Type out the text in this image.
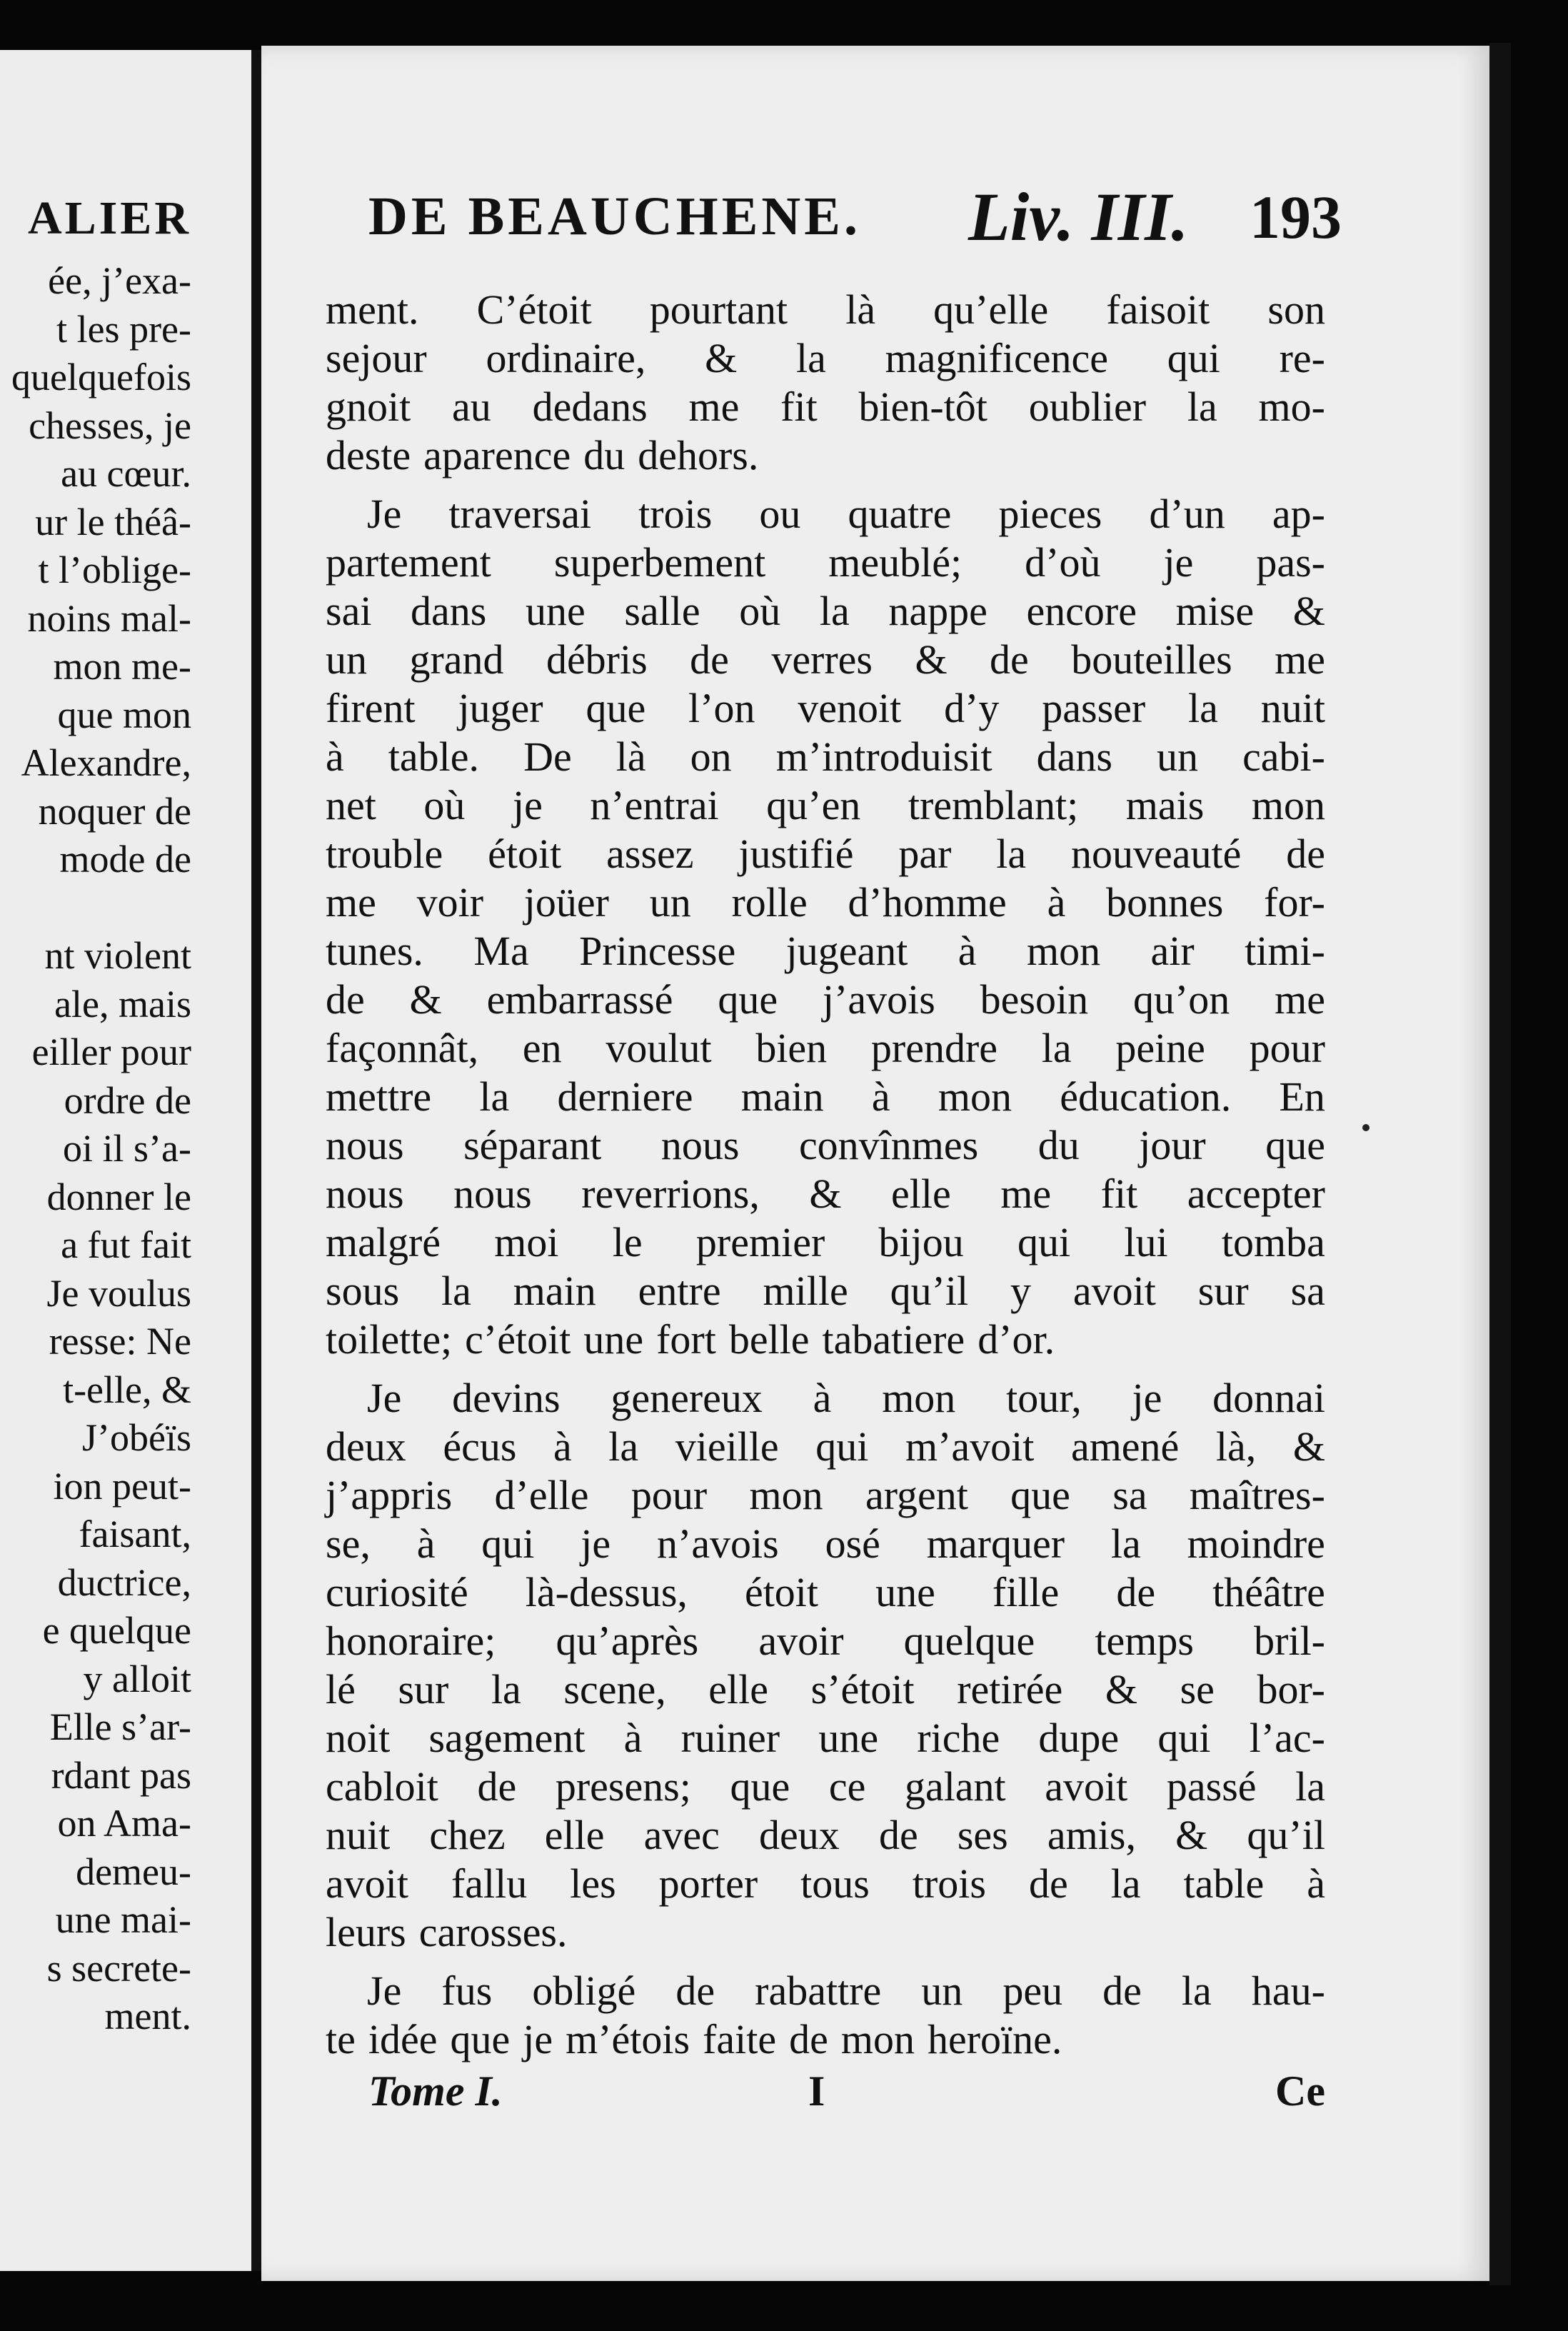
ALIER
ée, j’exa-
t les pre-
quelquefois
chesses, je
au cœur.
ur le théâ-
t l’oblige-
noins mal-
mon me-
que mon
Alexandre,
noquer de
mode de
nt violent
ale, mais
eiller pour
ordre de
oi il s’a-
donner le
a fut fait
Je voulus
resse: Ne
t-elle, &
J’obéïs
ion peut-
faisant,
ductrice,
e quelque
y alloit
Elle s’ar-
rdant pas
on Ama-
demeu-
une mai-
s secrete-
ment.
DE BEAUCHENE. Liv. III. 193
ment. C’étoit pourtant là qu’elle faisoit son
sejour ordinaire, & la magnificence qui re-
gnoit au dedans me fit bien-tôt oublier la mo-
deste aparence du dehors.
Je traversai trois ou quatre pieces d’un ap-
partement superbement meublé; d’où je pas-
sai dans une salle où la nappe encore mise &
un grand débris de verres & de bouteilles me
firent juger que l’on venoit d’y passer la nuit
à table. De là on m’introduisit dans un cabi-
net où je n’entrai qu’en tremblant; mais mon
trouble étoit assez justifié par la nouveauté de
me voir joüer un rolle d’homme à bonnes for-
tunes. Ma Princesse jugeant à mon air timi-
de & embarrassé que j’avois besoin qu’on me
façonnât, en voulut bien prendre la peine pour
mettre la derniere main à mon éducation. En
nous séparant nous convînmes du jour que
nous nous reverrions, & elle me fit accepter
malgré moi le premier bijou qui lui tomba
sous la main entre mille qu’il y avoit sur sa
toilette; c’étoit une fort belle tabatiere d’or.
Je devins genereux à mon tour, je donnai
deux écus à la vieille qui m’avoit amené là, &
j’appris d’elle pour mon argent que sa maîtres-
se, à qui je n’avois osé marquer la moindre
curiosité là-dessus, étoit une fille de théâtre
honoraire; qu’après avoir quelque temps bril-
lé sur la scene, elle s’étoit retirée & se bor-
noit sagement à ruiner une riche dupe qui l’ac-
cabloit de presens; que ce galant avoit passé la
nuit chez elle avec deux de ses amis, & qu’il
avoit fallu les porter tous trois de la table à
leurs carosses.
Je fus obligé de rabattre un peu de la hau-
te idée que je m’étois faite de mon heroïne.
Tome I.	I	Ce
